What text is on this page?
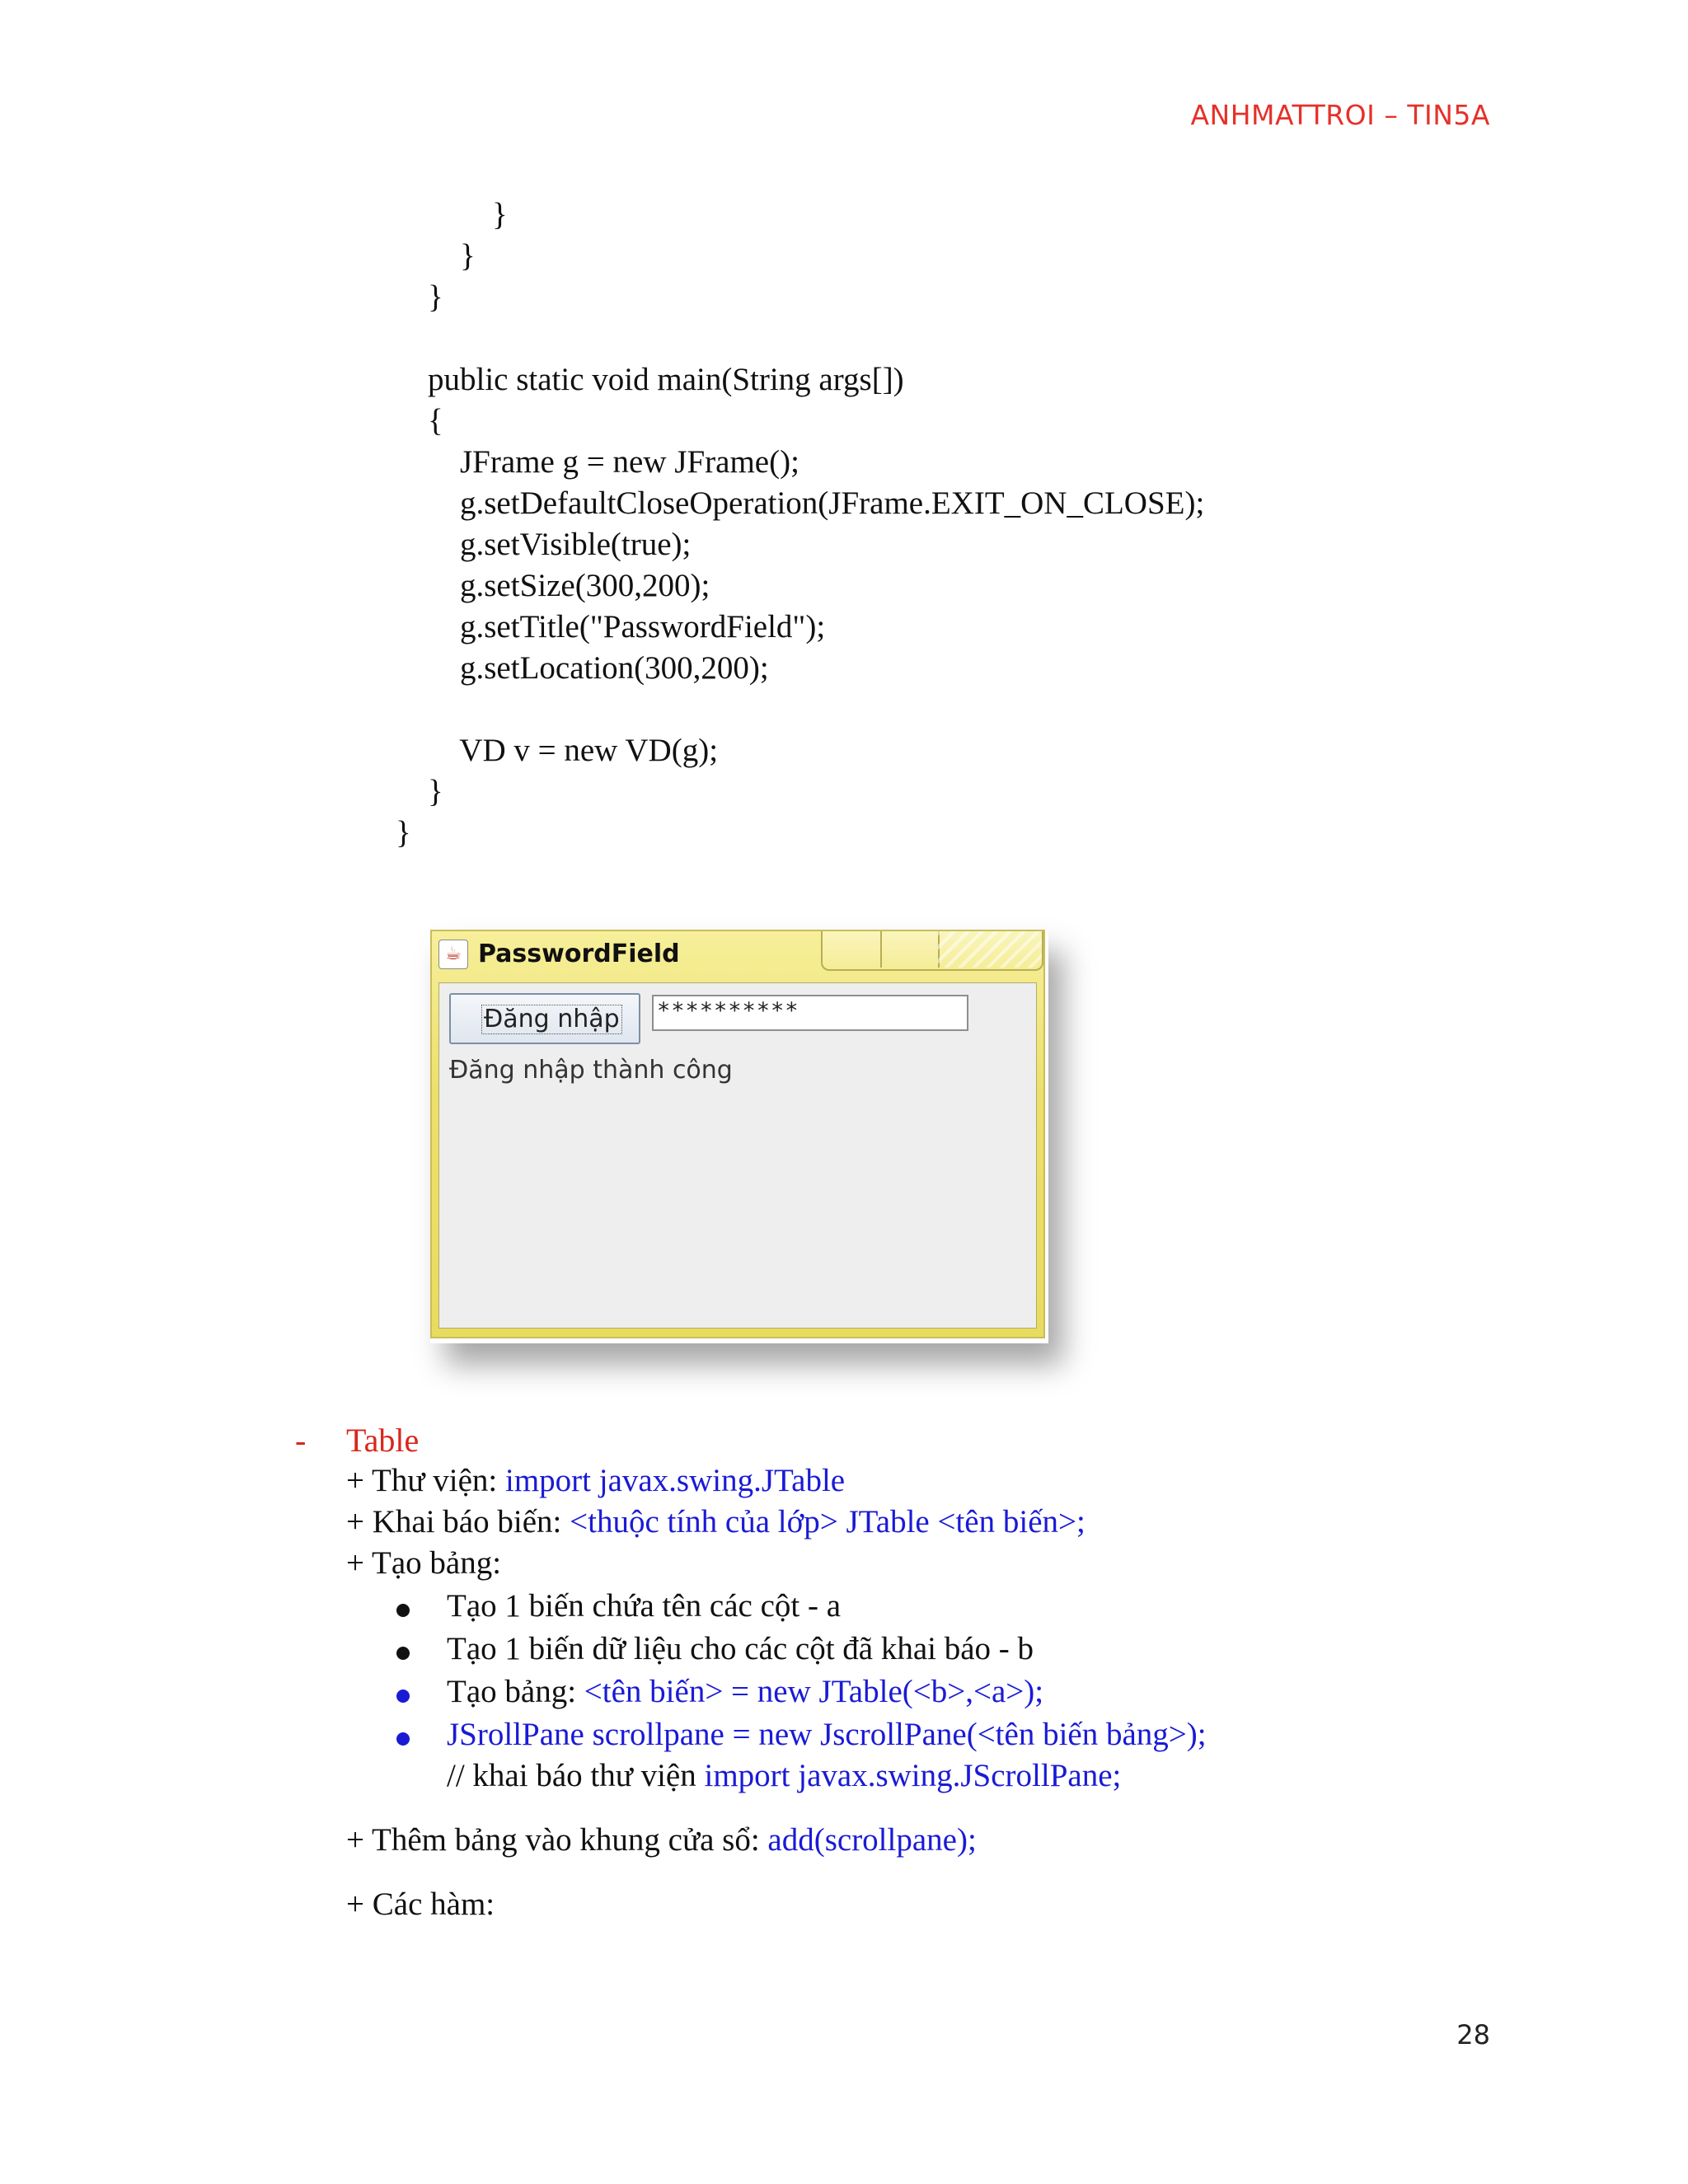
ANHMATTROI – TIN5A
}
}
}
public static void main(String args[])
{
JFrame g = new JFrame();
g.setDefaultCloseOperation(JFrame.EXIT_ON_CLOSE);
g.setVisible(true);
g.setSize(300,200);
g.setTitle("PasswordField");
g.setLocation(300,200);
VD v = new VD(g);
}
}
☕ PasswordField
Đăng nhập **********
Đăng nhập thành công
- Table
+ Thư viện: import javax.swing.JTable
+ Khai báo biến: <thuộc tính của lớp> JTable <tên biến>;
+ Tạo bảng:
Tạo 1 biến chứa tên các cột - a
Tạo 1 biến dữ liệu cho các cột đã khai báo - b
Tạo bảng: <tên biến> = new JTable(<b>,<a>);
JSrollPane scrollpane = new JscrollPane(<tên biến bảng>);
// khai báo thư viện import javax.swing.JScrollPane;
+ Thêm bảng vào khung cửa sổ: add(scrollpane);
+ Các hàm:
28
